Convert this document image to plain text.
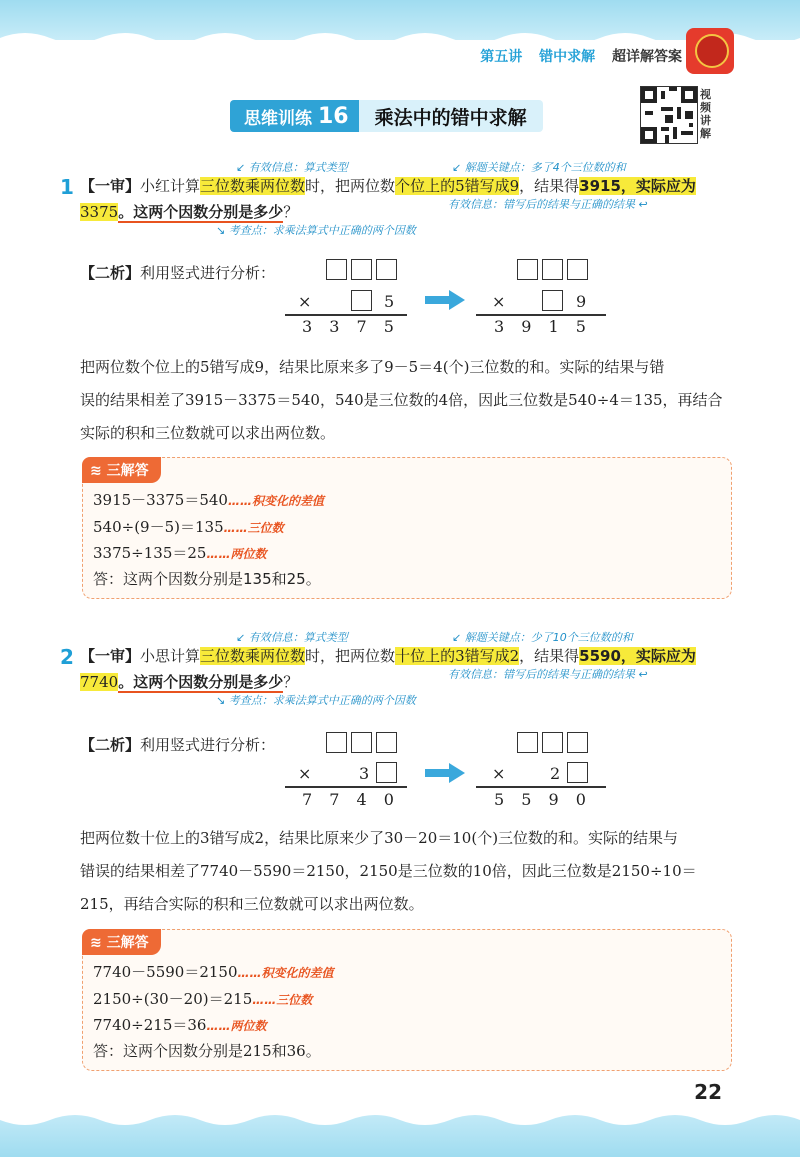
第五讲 错中求解 超详解答案
视频讲解
思维训练 16	乘法中的错中求解
↙ 有效信息：算式类型	↙ 解题关键点：多了4个三位数的和
1 【一审】小红计算三位数乘两位数时，把两位数个位上的5错写成9，结果得3915，实际应为
3375。这两个因数分别是多少？	有效信息：错写后的结果与正确的结果 ↩
↘ 考查点：求乘法算式中正确的两个因数
【二析】利用竖式进行分析：
×	5
3 3 7 5
×	9
3 9 1 5
把两位数个位上的5错写成9，结果比原来多了9－5＝4(个)三位数的和。实际的结果与错
误的结果相差了3915－3375＝540，540是三位数的4倍，因此三位数是540÷4＝135，再结合
实际的积和三位数就可以求出两位数。
≋ 三解答
3915－3375＝540……积变化的差值
540÷(9－5)＝135……三位数
3375÷135＝25……两位数
答：这两个因数分别是135和25。
↙ 有效信息：算式类型	↙ 解题关键点：少了10个三位数的和
2 【一审】小思计算三位数乘两位数时，把两位数十位上的3错写成2，结果得5590，实际应为
7740。这两个因数分别是多少？	有效信息：错写后的结果与正确的结果 ↩
↘ 考查点：求乘法算式中正确的两个因数
【二析】利用竖式进行分析：
×	3
7 7 4 0
×	2
5 5 9 0
把两位数十位上的3错写成2，结果比原来少了30－20＝10(个)三位数的和。实际的结果与
错误的结果相差了7740－5590＝2150，2150是三位数的10倍，因此三位数是2150÷10＝
215，再结合实际的积和三位数就可以求出两位数。
≋ 三解答
7740－5590＝2150……积变化的差值
2150÷(30－20)＝215……三位数
7740÷215＝36……两位数
答：这两个因数分别是215和36。
22
